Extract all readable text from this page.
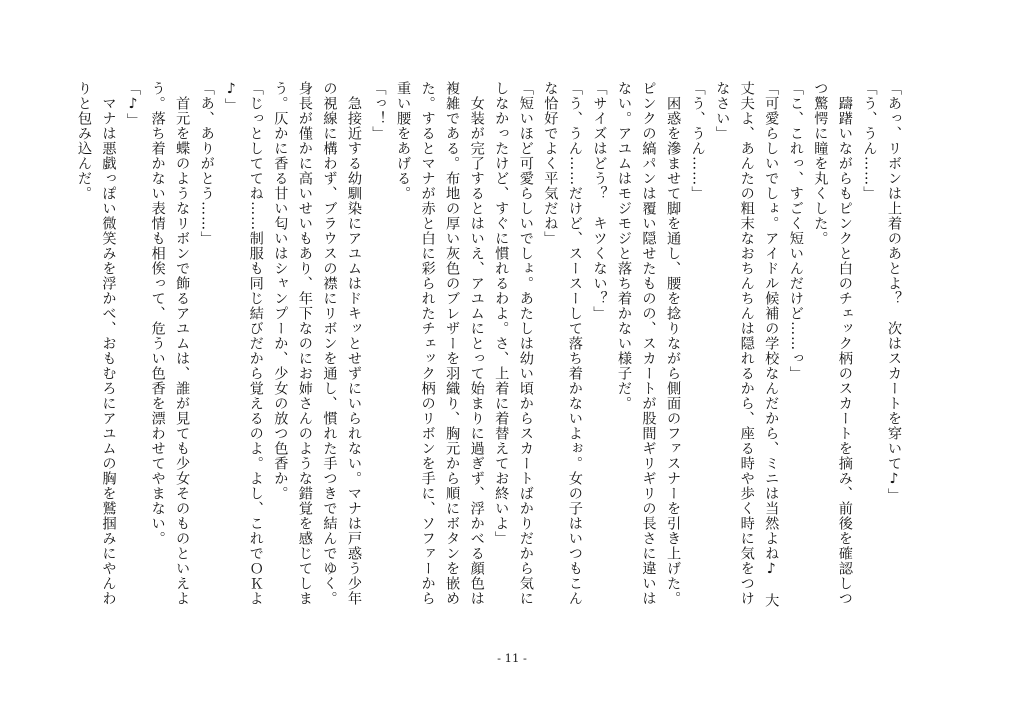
「あっ、リボンは上着のあとよ？　次はスカートを穿いて♪」

「う、うん……」

　躊躇いながらもピンクと白のチェック柄のスカートを摘み、前後を確認しつ

つ驚愕に瞳を丸くした。

「こ、これっ、すごく短いんだけど……っ」

「可愛らしいでしょ。アイドル候補の学校なんだから、ミニは当然よね♪　大

丈夫よ、あんたの粗末なおちんちんは隠れるから、座る時や歩く時に気をつけ

なさい」

「う、うん……」

　困惑を滲ませて脚を通し、腰を捻りながら側面のファスナーを引き上げた。

ピンクの縞パンは覆い隠せたものの、スカートが股間ギリギリの長さに違いは

ない。アユムはモジモジと落ち着かない様子だ。

「サイズはどう？　キツくない？」

「う、うん……だけど、スースーして落ち着かないよぉ。女の子はいつもこん

な恰好でよく平気だね」

「短いほど可愛らしいでしょ。あたしは幼い頃からスカートばかりだから気に

しなかったけど、すぐに慣れるわよ。さ、上着に着替えてお終いよ」

　女装が完了するとはいえ、アユムにとって始まりに過ぎず、浮かべる顔色は

複雑である。布地の厚い灰色のブレザーを羽織り、胸元から順にボタンを嵌め

た。するとマナが赤と白に彩られたチェック柄のリボンを手に、ソファーから

重い腰をあげる。

「っ！」

　急接近する幼馴染にアユムはドキッとせずにいられない。マナは戸惑う少年

の視線に構わず、ブラウスの襟にリボンを通し、慣れた手つきで結んでゆく。

身長が僅かに高いせいもあり、年下なのにお姉さんのような錯覚を感じてしま

う。仄かに香る甘い匂いはシャンプーか、少女の放つ色香か。

「じっとしててね……制服も同じ結びだから覚えるのよ。よし、これでＯＫよ

♪」

「あ、ありがとう……」

　首元を蝶のようなリボンで飾るアユムは、誰が見ても少女そのものといえよ

う。落ち着かない表情も相俟って、危うい色香を漂わせてやまない。

「♪」

　マナは悪戯っぽい微笑みを浮かべ、おもむろにアユムの胸を鷲掴みにやんわ

りと包み込んだ。

- 11 -
